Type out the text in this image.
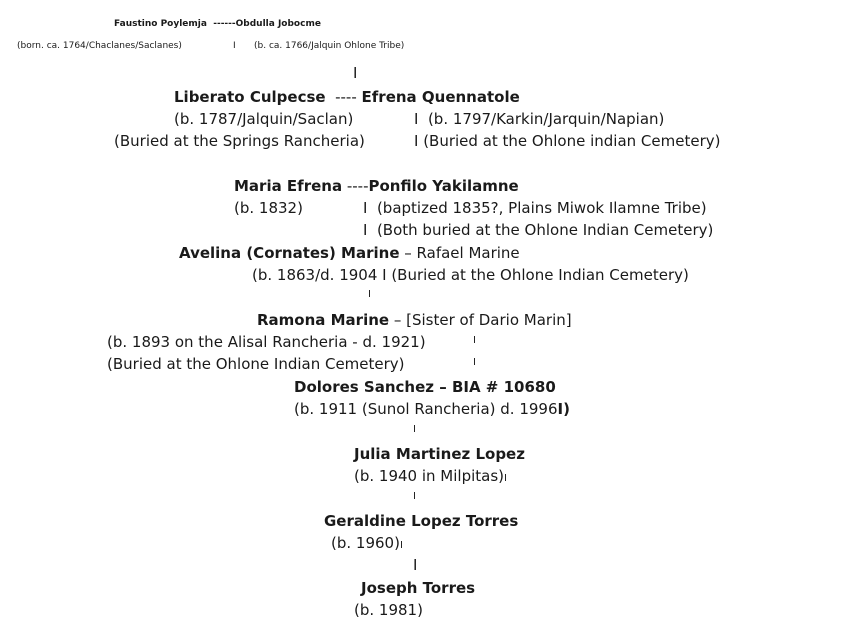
Faustino Poylemja  ------Obdulla Jobocme
(born. ca. 1764/Chaclanes/Saclanes)	I (b. ca. 1766/Jalquin Ohlone Tribe)
I
Liberato Culpecse  ---- Efrena Quennatole
(b. 1787/Jalquin/Saclan)	I  (b. 1797/Karkin/Jarquin/Napian)
(Buried at the Springs Rancheria)	I (Buried at the Ohlone indian Cemetery)
Maria Efrena ----Ponfilo Yakilamne
(b. 1832)	I  (baptized 1835?, Plains Miwok Ilamne Tribe)
I  (Both buried at the Ohlone Indian Cemetery)
Avelina (Cornates) Marine – Rafael Marine
(b. 1863/d. 1904 I (Buried at the Ohlone Indian Cemetery)
I
Ramona Marine – [Sister of Dario Marin]
(b. 1893 on the Alisal Rancheria - d. 1921)	I
(Buried at the Ohlone Indian Cemetery)	I
Dolores Sanchez – BIA # 10680
(b. 1911 (Sunol Rancheria) d. 1996I)
I
Julia Martinez Lopez
(b. 1940 in Milpitas)I
I
Geraldine Lopez Torres
(b. 1960)I
I
Joseph Torres
(b. 1981)
